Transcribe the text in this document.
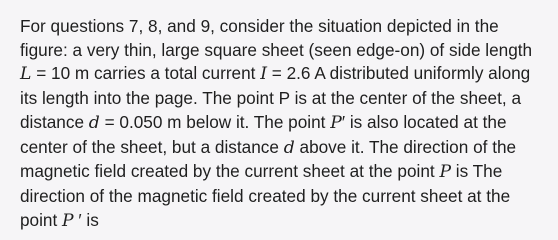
For questions 7, 8, and 9, consider the situation depicted in the figure: a very thin, large square sheet (seen edge-on) of side length L = 10 m carries a total current I = 2.6 A distributed uniformly along its length into the page. The point P is at the center of the sheet, a distance d = 0.050 m below it. The point P′ is also located at the center of the sheet, but a distance d above it. The direction of the magnetic field created by the current sheet at the point P is The direction of the magnetic field created by the current sheet at the point P ′ is
